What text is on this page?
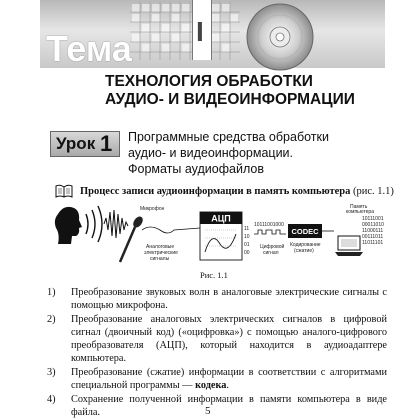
Тема I
ТЕХНОЛОГИЯ ОБРАБОТКИ
АУДИО- И ВИДЕОИНФОРМАЦИИ
Урок 1 Программные средства обработки
аудио- и видеоинформации.
Форматы аудиофайлов
Процесс записи аудиоинформации в память компьютера (рис. 1.1)
Микрофон
Аналоговые
электрические
сигналы
АЦП
11
10
01
00
10111001000
Цифровой
сигнал
CODEC
Кодирование
(сжатие)
Память
компьютера
10111001
00011010
11000111
00111011
11011101
Рис. 1.1
1)	Преобразование звуковых волн в аналоговые электрические сигналы с помощью микрофона.
2)	Преобразование аналоговых электрических сигналов в цифровой сигнал (двоичный код) («оцифровка») с помощью аналого-цифрового преобразователя (АЦП), который находится в аудиоадаптере компьютера.
3)	Преобразование (сжатие) информации в соответствии с алгоритмами специальной программы — кодека.
4)	Сохранение полученной информации в памяти компьютера в виде файла.	5
